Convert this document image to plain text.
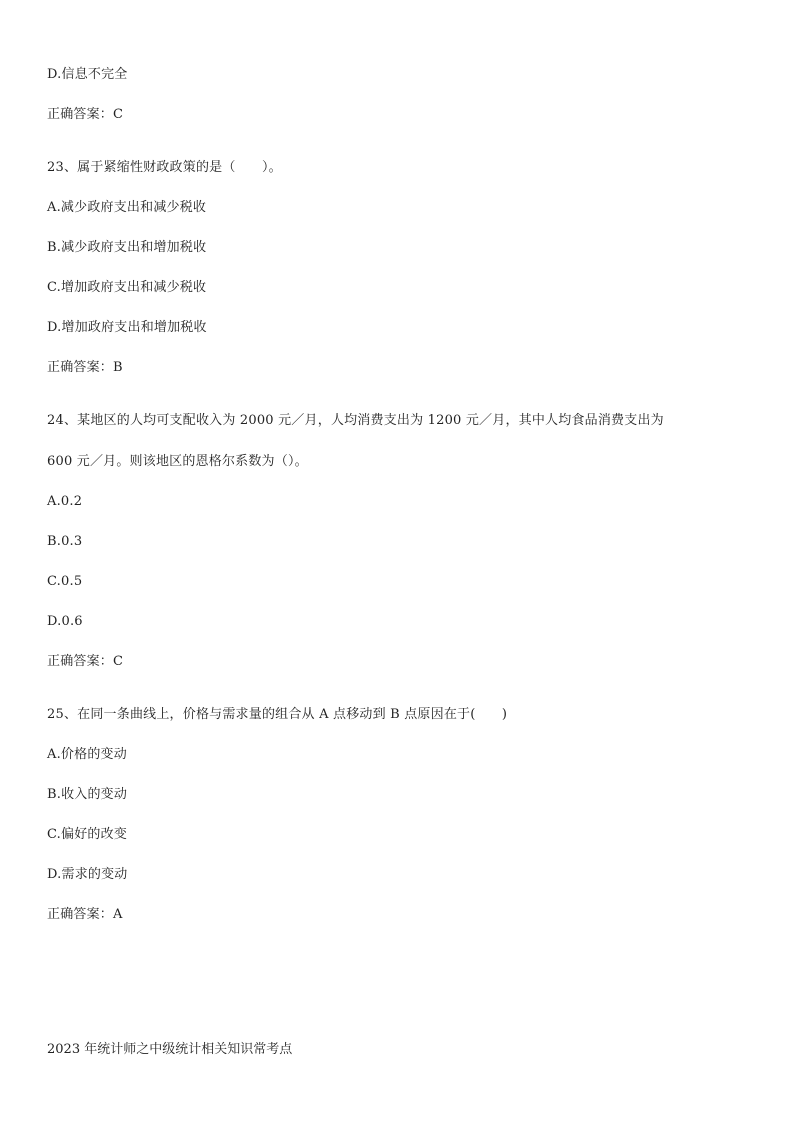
D.信息不完全
正确答案：C
23、属于紧缩性财政政策的是（　　）。
A.减少政府支出和减少税收
B.减少政府支出和增加税收
C.增加政府支出和减少税收
D.增加政府支出和增加税收
正确答案：B
24、某地区的人均可支配收入为 2000 元／月，人均消费支出为 1200 元／月，其中人均食品消费支出为
600 元／月。则该地区的恩格尔系数为（）。
A.0.2
B.0.3
C.0.5
D.0.6
正确答案：C
25、在同一条曲线上，价格与需求量的组合从 A 点移动到 B 点原因在于(　　)
A.价格的变动
B.收入的变动
C.偏好的改变
D.需求的变动
正确答案：A
2023 年统计师之中级统计相关知识常考点
